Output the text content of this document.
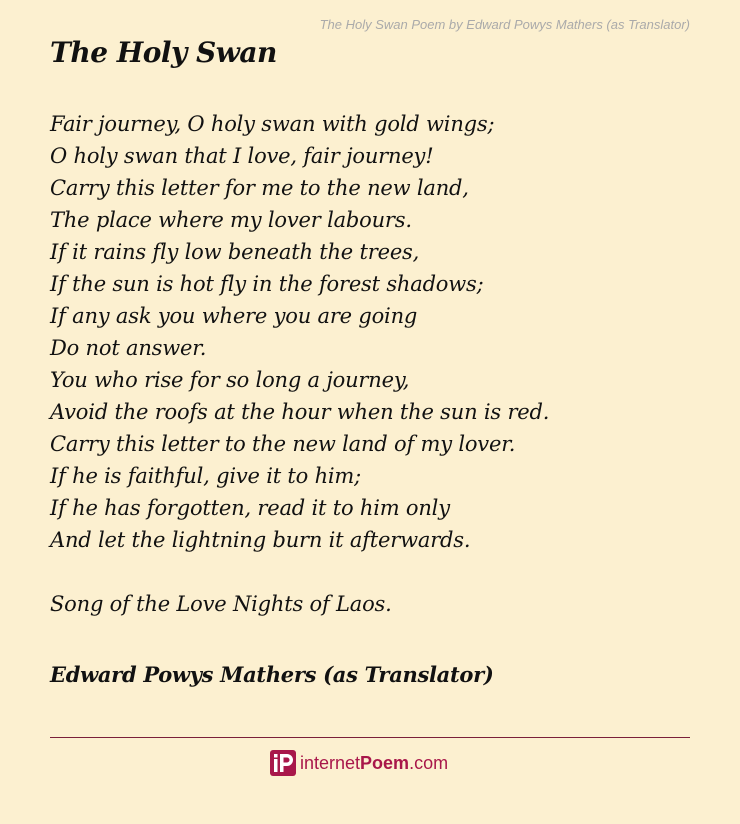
The Holy Swan Poem by Edward Powys Mathers (as Translator)
The Holy Swan
Fair journey, O holy swan with gold wings;
O holy swan that I love, fair journey!
Carry this letter for me to the new land,
The place where my lover labours.
If it rains fly low beneath the trees,
If the sun is hot fly in the forest shadows;
If any ask you where you are going
Do not answer.
You who rise for so long a journey,
Avoid the roofs at the hour when the sun is red.
Carry this letter to the new land of my lover.
If he is faithful, give it to him;
If he has forgotten, read it to him only
And let the lightning burn it afterwards.
Song of the Love Nights of Laos.
Edward Powys Mathers (as Translator)
internetPoem.com
